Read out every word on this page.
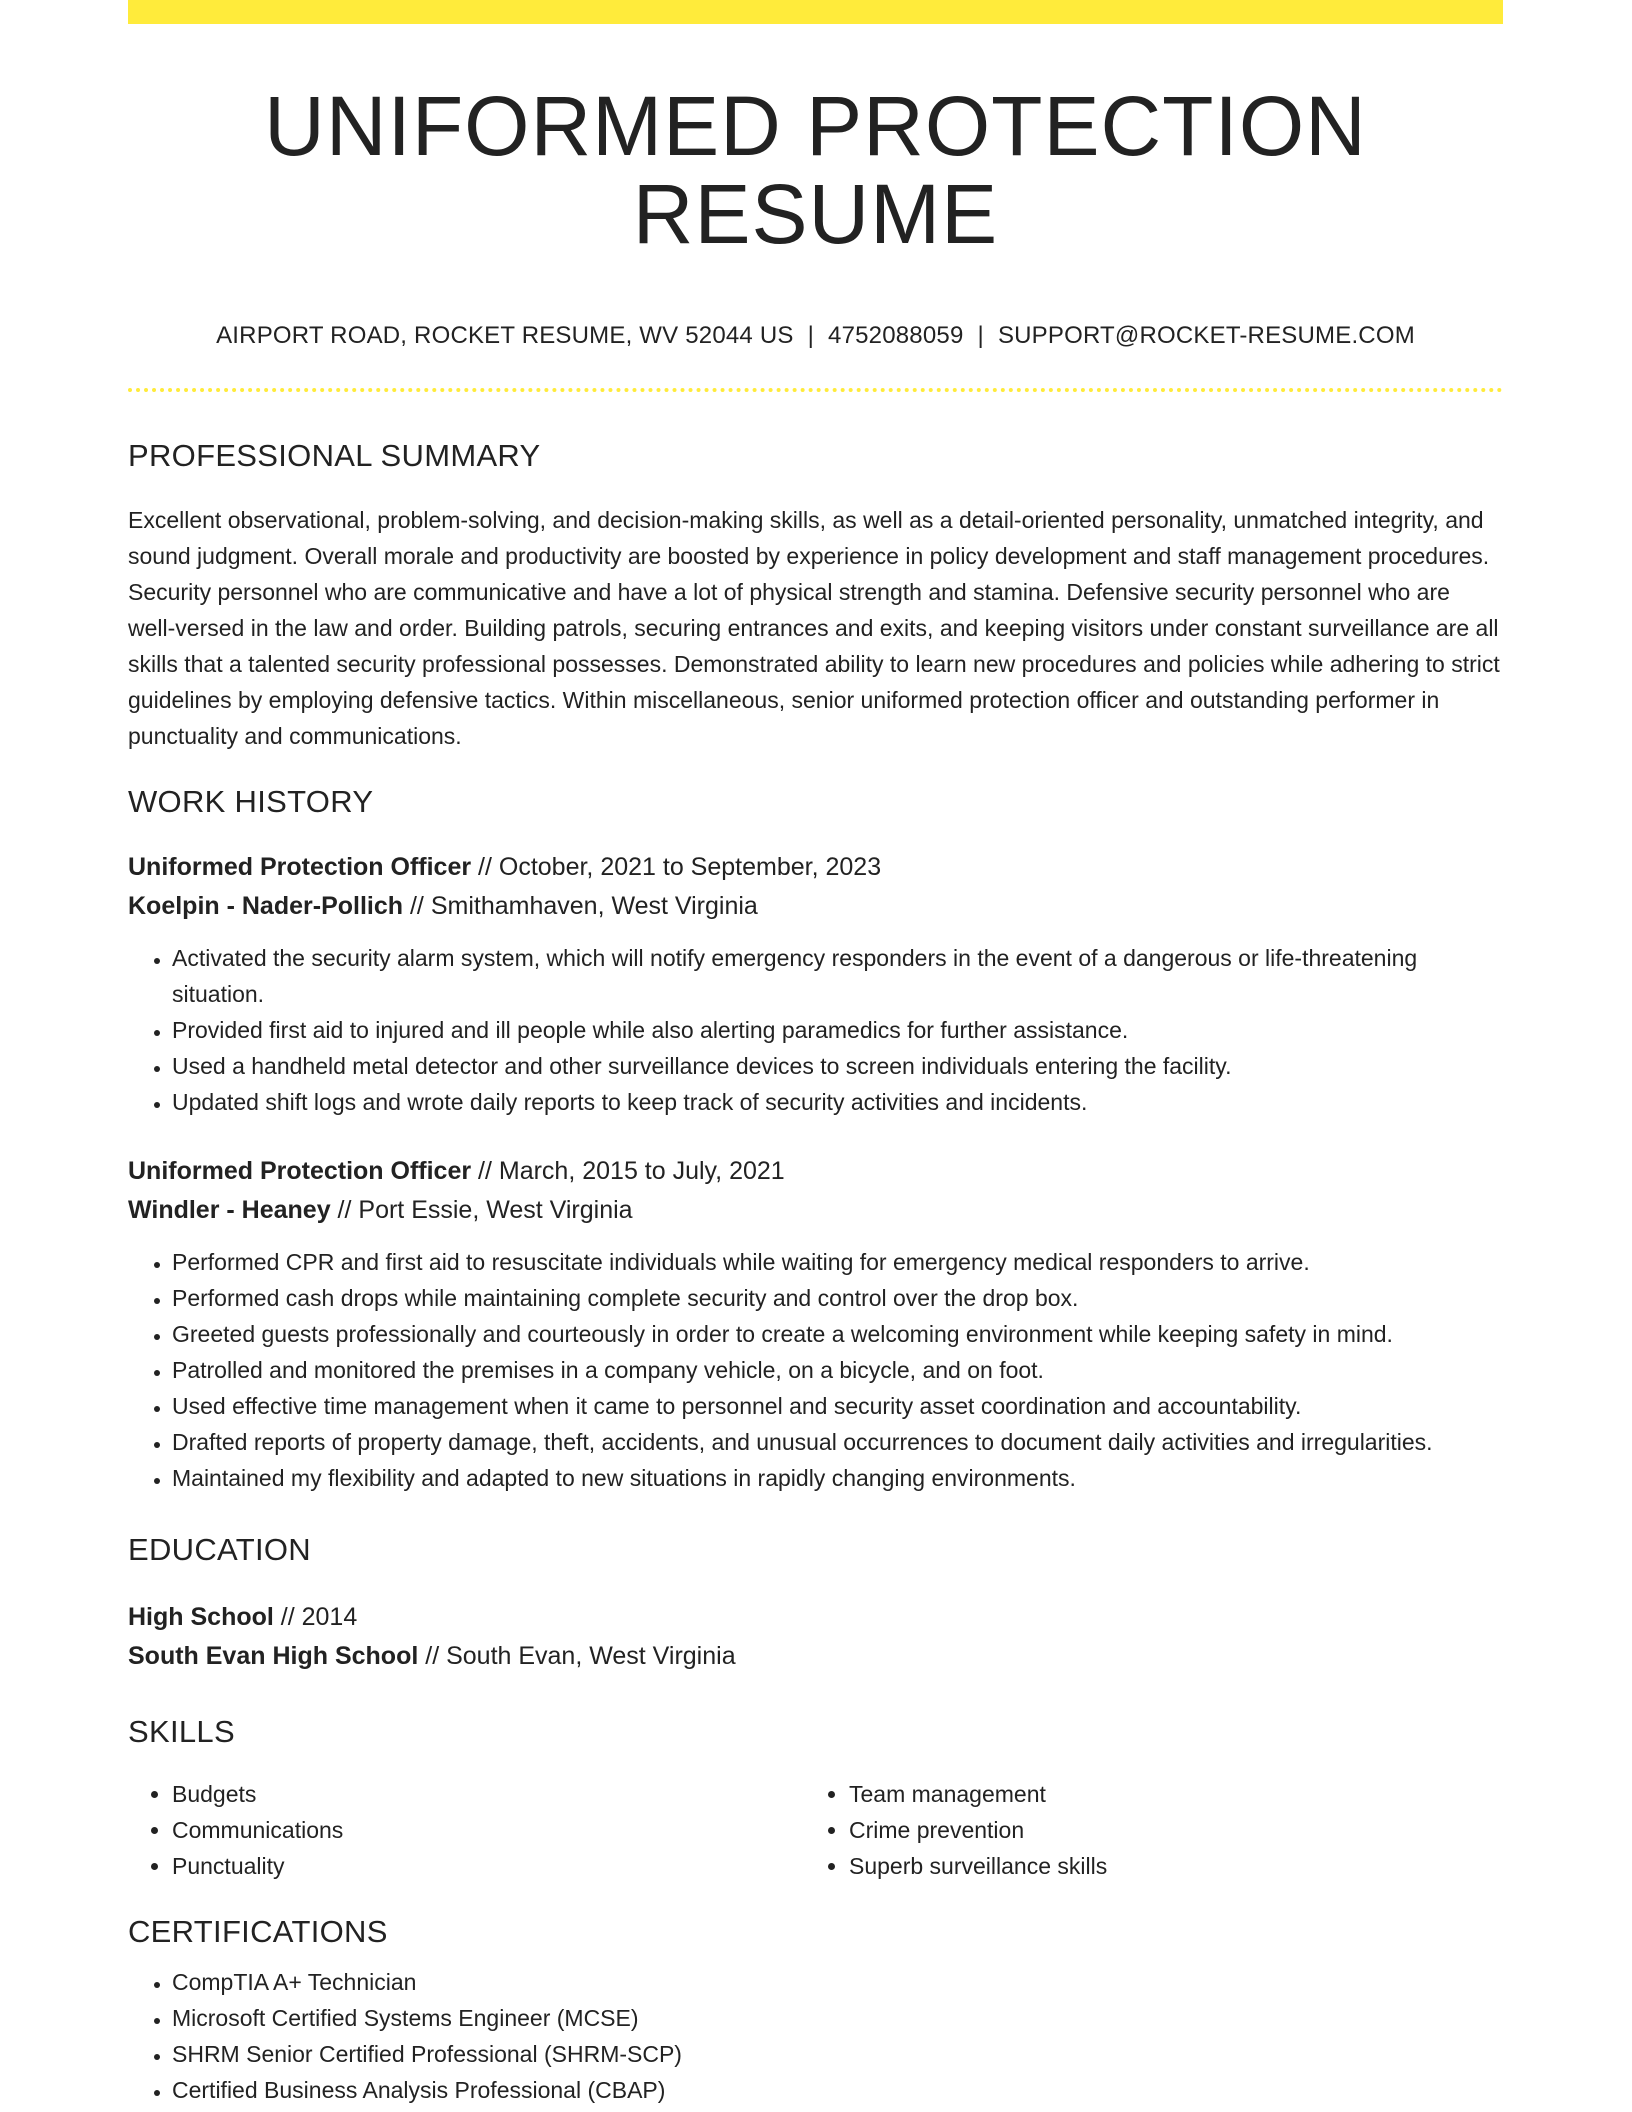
UNIFORMED PROTECTION RESUME
AIRPORT ROAD, ROCKET RESUME, WV 52044 US | 4752088059 | SUPPORT@ROCKET-RESUME.COM
PROFESSIONAL SUMMARY

Excellent observational, problem-solving, and decision-making skills, as well as a detail-oriented personality, unmatched integrity, and sound judgment. Overall morale and productivity are boosted by experience in policy development and staff management procedures. Security personnel who are communicative and have a lot of physical strength and stamina. Defensive security personnel who are well-versed in the law and order. Building patrols, securing entrances and exits, and keeping visitors under constant surveillance are all skills that a talented security professional possesses. Demonstrated ability to learn new procedures and policies while adhering to strict guidelines by employing defensive tactics. Within miscellaneous, senior uniformed protection officer and outstanding performer in punctuality and communications.

WORK HISTORY
Uniformed Protection Officer // October, 2021 to September, 2023
Koelpin - Nader-Pollich // Smithamhaven, West Virginia
• Activated the security alarm system, which will notify emergency responders in the event of a dangerous or life-threatening situation.
• Provided first aid to injured and ill people while also alerting paramedics for further assistance.
• Used a handheld metal detector and other surveillance devices to screen individuals entering the facility.
• Updated shift logs and wrote daily reports to keep track of security activities and incidents.
Uniformed Protection Officer // March, 2015 to July, 2021
Windler - Heaney // Port Essie, West Virginia
• Performed CPR and first aid to resuscitate individuals while waiting for emergency medical responders to arrive.
• Performed cash drops while maintaining complete security and control over the drop box.
• Greeted guests professionally and courteously in order to create a welcoming environment while keeping safety in mind.
• Patrolled and monitored the premises in a company vehicle, on a bicycle, and on foot.
• Used effective time management when it came to personnel and security asset coordination and accountability.
• Drafted reports of property damage, theft, accidents, and unusual occurrences to document daily activities and irregularities.
• Maintained my flexibility and adapted to new situations in rapidly changing environments.
EDUCATION
High School // 2014
South Evan High School // South Evan, West Virginia
SKILLS
• Budgets
• Communications
• Punctuality
• Team management
• Crime prevention
• Superb surveillance skills
CERTIFICATIONS
• CompTIA A+ Technician
• Microsoft Certified Systems Engineer (MCSE)
• SHRM Senior Certified Professional (SHRM-SCP)
• Certified Business Analysis Professional (CBAP)
